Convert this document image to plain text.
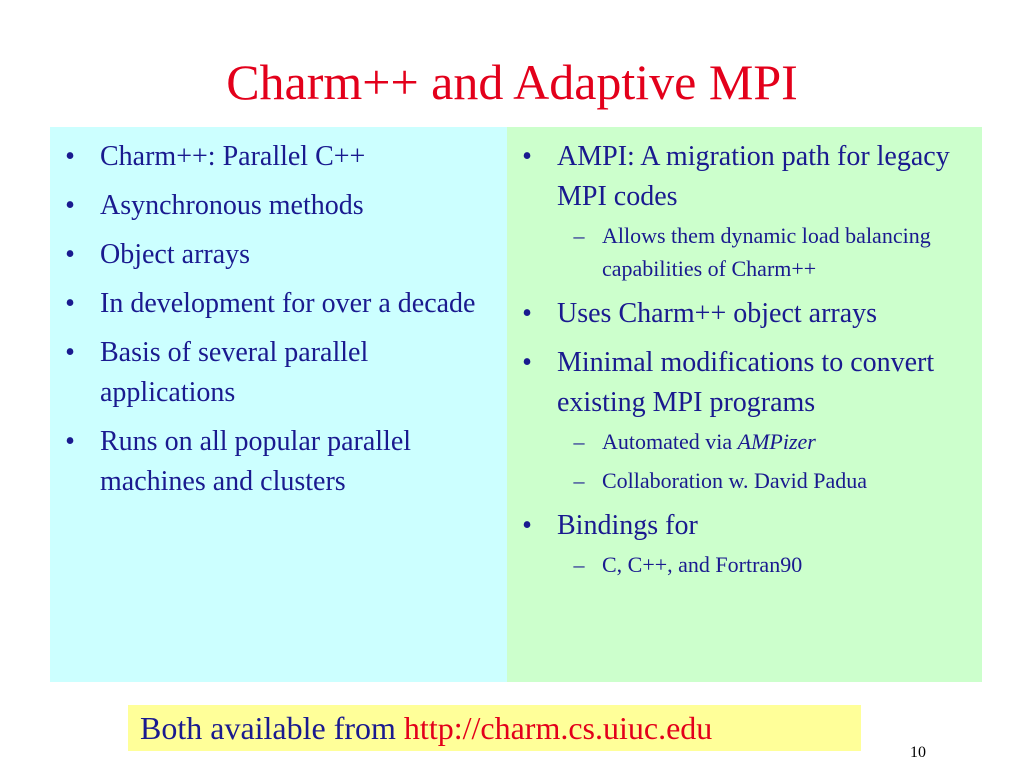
Charm++ and Adaptive MPI
• Charm++: Parallel C++
• Asynchronous methods
• Object arrays
• In development for over a decade
• Basis of several parallel applications
• Runs on all popular parallel machines and clusters
• AMPI: A migration path for legacy MPI codes
– Allows them dynamic load balancing capabilities of Charm++
• Uses Charm++ object arrays
• Minimal modifications to convert existing MPI programs
– Automated via AMPizer
– Collaboration w. David Padua
• Bindings for
– C, C++, and Fortran90
Both available from http://charm.cs.uiuc.edu
10
